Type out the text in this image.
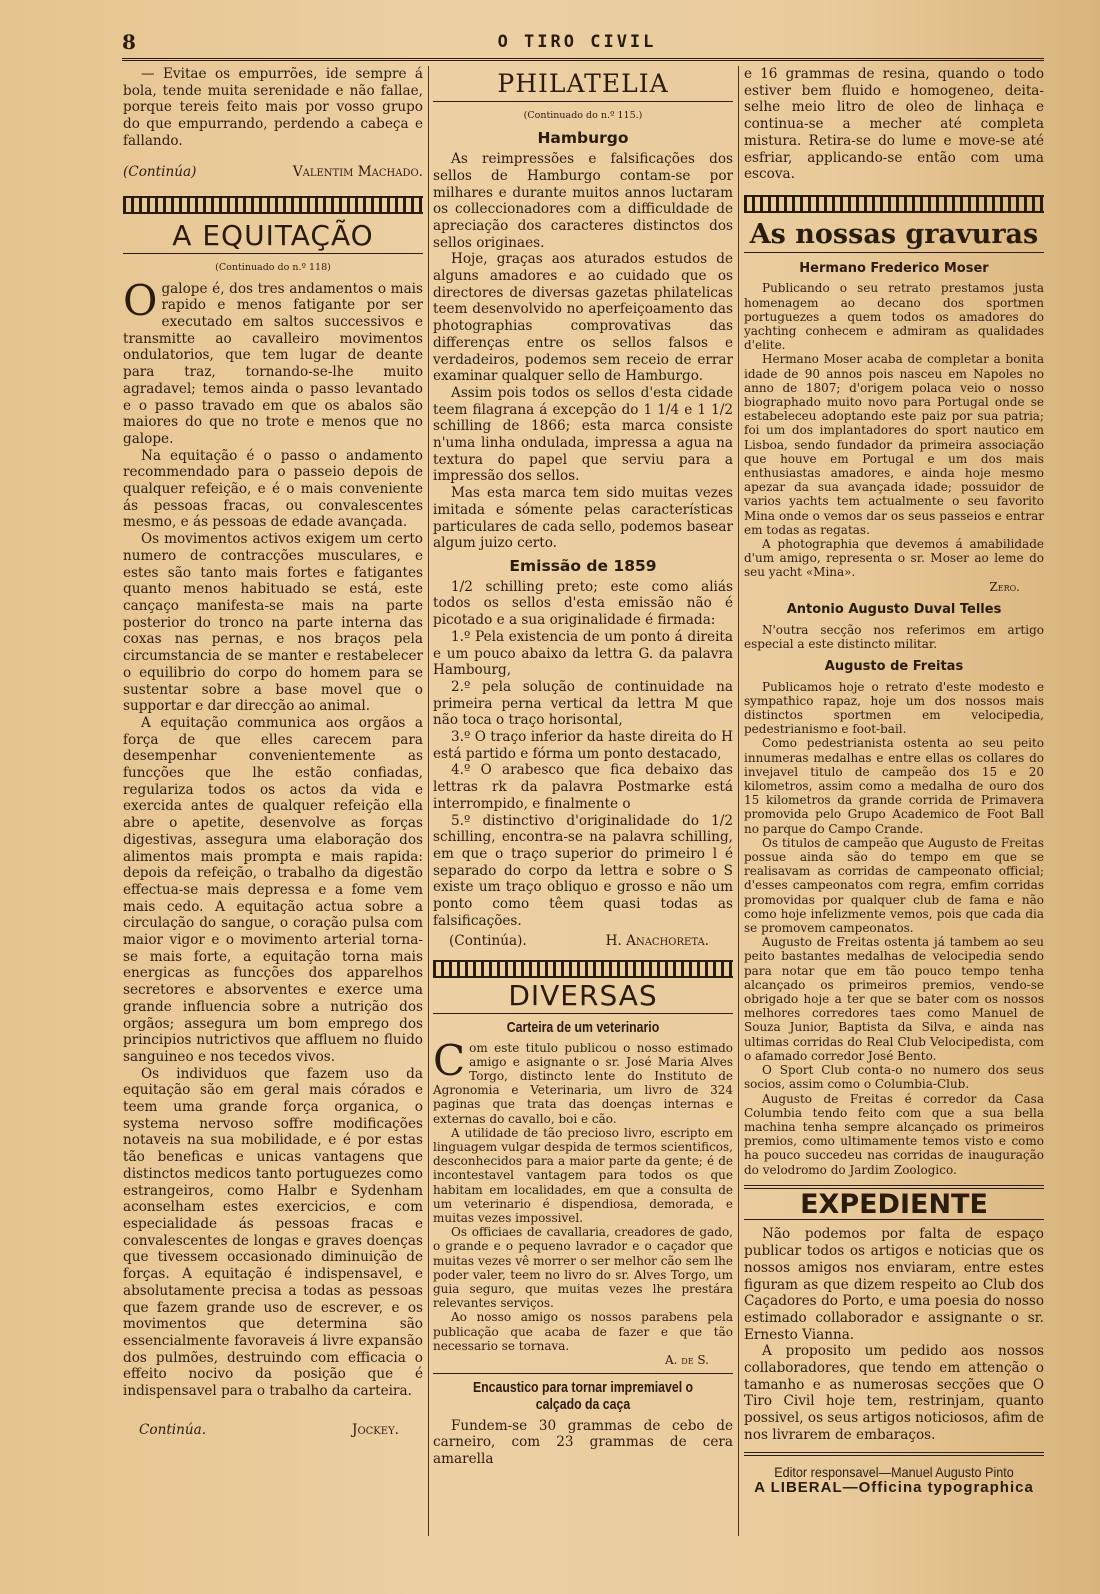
8	O TIRO CIVIL

— Evitae os empurrões, ide sempre á bola, tende muita serenidade e não fallae, porque tereis feito mais por vosso grupo do que empurrando, perdendo a cabeça e fallando.

(Continúa)	Valentim Machado.
A EQUITAÇÃO
(Continuado do n.º 118)

Ogalope é, dos tres andamentos o mais rapido e menos fatigante por ser executado em saltos successivos e transmitte ao cavalleiro movimentos ondulatorios, que tem lugar de deante para traz, tornando-se-lhe muito agradavel; temos ainda o passo levantado e o passo travado em que os abalos são maiores do que no trote e menos que no galope.

Na equitação é o passo o andamento recommendado para o passeio depois de qualquer refeição, e é o mais conveniente ás pessoas fracas, ou convalescentes mesmo, e ás pessoas de edade avançada.

Os movimentos activos exigem um certo numero de contracções musculares, e estes são tanto mais fortes e fatigantes quanto menos habituado se está, este cançaço manifesta-se mais na parte posterior do tronco na parte interna das coxas nas pernas, e nos braços pela circumstancia de se manter e restabelecer o equilibrio do corpo do homem para se sustentar sobre a base movel que o supportar e dar direcção ao animal.

A equitação communica aos orgãos a força de que elles carecem para desempenhar convenientemente as funcções que lhe estão confiadas, regulariza todos os actos da vida e exercida antes de qualquer refeição ella abre o apetite, desenvolve as forças digestivas, assegura uma elaboração dos alimentos mais prompta e mais rapida: depois da refeição, o trabalho da digestão effectua-se mais depressa e a fome vem mais cedo. A equitação actua sobre a circulação do sangue, o coração pulsa com maior vigor e o movimento arterial torna-se mais forte, a equitação torna mais energicas as funcções dos apparelhos secretores e absorventes e exerce uma grande influencia sobre a nutrição dos orgãos; assegura um bom emprego dos principios nutrictivos que affluem no fluido sanguineo e nos tecedos vivos.

Os individuos que fazem uso da equitação são em geral mais córados e teem uma grande força organica, o systema nervoso soffre modificações notaveis na sua mobilidade, e é por estas tão beneficas e unicas vantagens que distinctos medicos tanto portuguezes como estrangeiros, como Halbr e Sydenham aconselham estes exercicios, e com especialidade ás pessoas fracas e convalescentes de longas e graves doenças que tivessem occasionado diminuição de forças. A equitação é indispensavel, e absolutamente precisa a todas as pessoas que fazem grande uso de escrever, e os movimentos que determina são essencialmente favoraveis á livre expansão dos pulmões, destruindo com efficacia o effeito nocivo da posição que é indispensavel para o trabalho da carteira.

Continúa.	Jockey.
PHILATELIA
(Continuado do n.º 115.)
Hamburgo

As reimpressões e falsificações dos sellos de Hamburgo contam-se por milhares e durante muitos annos luctaram os colleccionadores com a difficuldade de apreciação dos caracteres distinctos dos sellos originaes.

Hoje, graças aos aturados estudos de alguns amadores e ao cuidado que os directores de diversas gazetas philatelicas teem desenvolvido no aperfeiçoamento das photographias comprovativas das differenças entre os sellos falsos e verdadeiros, podemos sem receio de errar examinar qualquer sello de Hamburgo.

Assim pois todos os sellos d'esta cidade teem filagrana á excepção do 1 1/4 e 1 1/2 schilling de 1866; esta marca consiste n'uma linha ondulada, impressa a agua na textura do papel que serviu para a impressão dos sellos.

Mas esta marca tem sido muitas vezes imitada e sómente pelas características particulares de cada sello, podemos basear algum juizo certo.

Emissão de 1859

1/2 schilling preto; este como aliás todos os sellos d'esta emissão não é picotado e a sua originalidade é firmada:

1.º Pela existencia de um ponto á direita e um pouco abaixo da lettra G. da palavra Hambourg,

2.º pela solução de continuidade na primeira perna vertical da lettra M que não toca o traço horisontal,

3.º O traço inferior da haste direita do H está partido e fórma um ponto destacado,

4.º O arabesco que fica debaixo das lettras rk da palavra Postmarke está interrompido, e finalmente o

5.º distinctivo d'originalidade do 1/2 schilling, encontra-se na palavra schilling, em que o traço superior do primeiro l é separado do corpo da lettra e sobre o S existe um traço obliquo e grosso e não um ponto como têem quasi todas as falsificações.

(Continúa).	H. Anachoreta.
DIVERSAS
Carteira de um veterinario

Com este titulo publicou o nosso estimado amigo e asignante o sr. José Maria Alves Torgo, distincto lente do Instituto de Agronomia e Veterinaria, um livro de 324 paginas que trata das doenças internas e externas do cavallo, boi e cão.

A utilidade de tão precioso livro, escripto em linguagem vulgar despida de termos scientificos, desconhecidos para a maior parte da gente; é de incontestavel vantagem para todos os que habitam em localidades, em que a consulta de um veterinario é dispendiosa, demorada, e muitas vezes impossivel.

Os officiaes de cavallaria, creadores de gado, o grande e o pequeno lavrador e o caçador que muitas vezes vê morrer o ser melhor cão sem lhe poder valer, teem no livro do sr. Alves Torgo, um guia seguro, que muitas vezes lhe prestára relevantes serviços.

Ao nosso amigo os nossos parabens pela publicação que acaba de fazer e que tão necessario se tornava.

A. de S.
Encaustico para tornar impremiavel o calçado da caça

Fundem-se 30 grammas de cebo de carneiro, com 23 grammas de cera amarella

e 16 grammas de resina, quando o todo estiver bem fluido e homogeneo, deita-selhe meio litro de oleo de linhaça e continua-se a mecher até completa mistura. Retira-se do lume e move-se até esfriar, applicando-se então com uma escova.

As nossas gravuras
Hermano Frederico Moser

Publicando o seu retrato prestamos justa homenagem ao decano dos sportmen portuguezes a quem todos os amadores do yachting conhecem e admiram as qualidades d'elite.

Hermano Moser acaba de completar a bonita idade de 90 annos pois nasceu em Napoles no anno de 1807; d'origem polaca veio o nosso biographado muito novo para Portugal onde se estabeleceu adoptando este paiz por sua patria; foi um dos implantadores do sport nautico em Lisboa, sendo fundador da primeira associação que houve em Portugal e um dos mais enthusiastas amadores, e ainda hoje mesmo apezar da sua avançada idade; possuidor de varios yachts tem actualmente o seu favorito Mina onde o vemos dar os seus passeios e entrar em todas as regatas.

A photographia que devemos á amabilidade d'um amigo, representa o sr. Moser ao leme do seu yacht «Mina».

Zero.
Antonio Augusto Duval Telles

N'outra secção nos referimos em artigo especial a este distincto militar.

Augusto de Freitas

Publicamos hoje o retrato d'este modesto e sympathico rapaz, hoje um dos nossos mais distinctos sportmen em velocipedia, pedestrianismo e foot-bail.

Como pedestrianista ostenta ao seu peito innumeras medalhas e entre ellas os collares do invejavel titulo de campeão dos 15 e 20 kilometros, assim como a medalha de ouro dos 15 kilometros da grande corrida de Primavera promovida pelo Grupo Academico de Foot Ball no parque do Campo Crande.

Os titulos de campeão que Augusto de Freitas possue ainda são do tempo em que se realisavam as corridas de campeonato official; d'esses campeonatos com regra, emfim corridas promovidas por qualquer club de fama e não como hoje infelizmente vemos, pois que cada dia se promovem campeonatos.

Augusto de Freitas ostenta já tambem ao seu peito bastantes medalhas de velocipedia sendo para notar que em tão pouco tempo tenha alcançado os primeiros premios, vendo-se obrigado hoje a ter que se bater com os nossos melhores corredores taes como Manuel de Souza Junior, Baptista da Silva, e ainda nas ultimas corridas do Real Club Velocipedista, com o afamado corredor José Bento.

O Sport Club conta-o no numero dos seus socios, assim como o Columbia-Club.

Augusto de Freitas é corredor da Casa Columbia tendo feito com que a sua bella machina tenha sempre alcançado os primeiros premios, como ultimamente temos visto e como ha pouco succedeu nas corridas de inauguração do velodromo do Jardim Zoologico.

EXPEDIENTE

Não podemos por falta de espaço publicar todos os artigos e noticias que os nossos amigos nos enviaram, entre estes figuram as que dizem respeito ao Club dos Caçadores do Porto, e uma poesia do nosso estimado collaborador e assignante o sr. Ernesto Vianna.

A proposito um pedido aos nossos collaboradores, que tendo em attenção o tamanho e as numerosas secções que O Tiro Civil hoje tem, restrinjam, quanto possivel, os seus artigos noticiosos, afim de nos livrarem de embaraços.

Editor responsavel—Manuel Augusto Pinto
A LIBERAL—Officina typographica
